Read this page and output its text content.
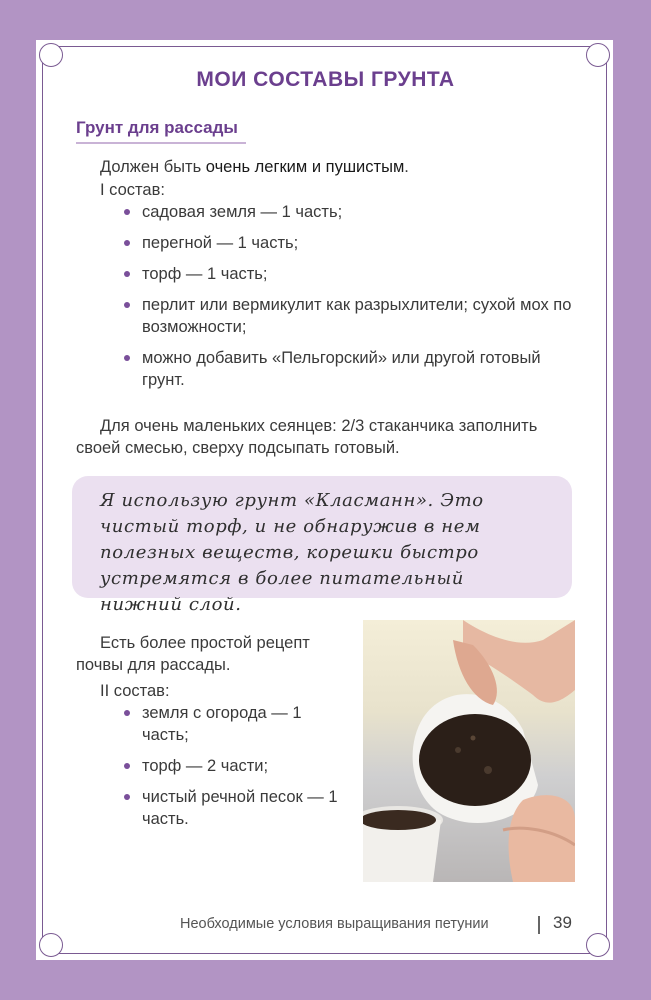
МОИ СОСТАВЫ ГРУНТА
Грунт для рассады
Должен быть очень легким и пушистым.
I состав:
садовая земля — 1 часть;
перегной — 1 часть;
торф — 1 часть;
перлит или вермикулит как разрыхлители; сухой мох по возможности;
можно добавить «Пельгорский» или другой готовый грунт.
Для очень маленьких сеянцев: 2/3 стаканчика заполнить своей смесью, сверху подсыпать готовый.
Я использую грунт «Класманн». Это чистый торф, и не обнаружив в нем полезных веществ, корешки быстро устремятся в более питательный нижний слой.
Есть более простой рецепт почвы для рассады.
II состав:
земля с огорода — 1 часть;
торф — 2 части;
чистый речной песок — 1 часть.
Необходимые условия выращивания петунии	39
